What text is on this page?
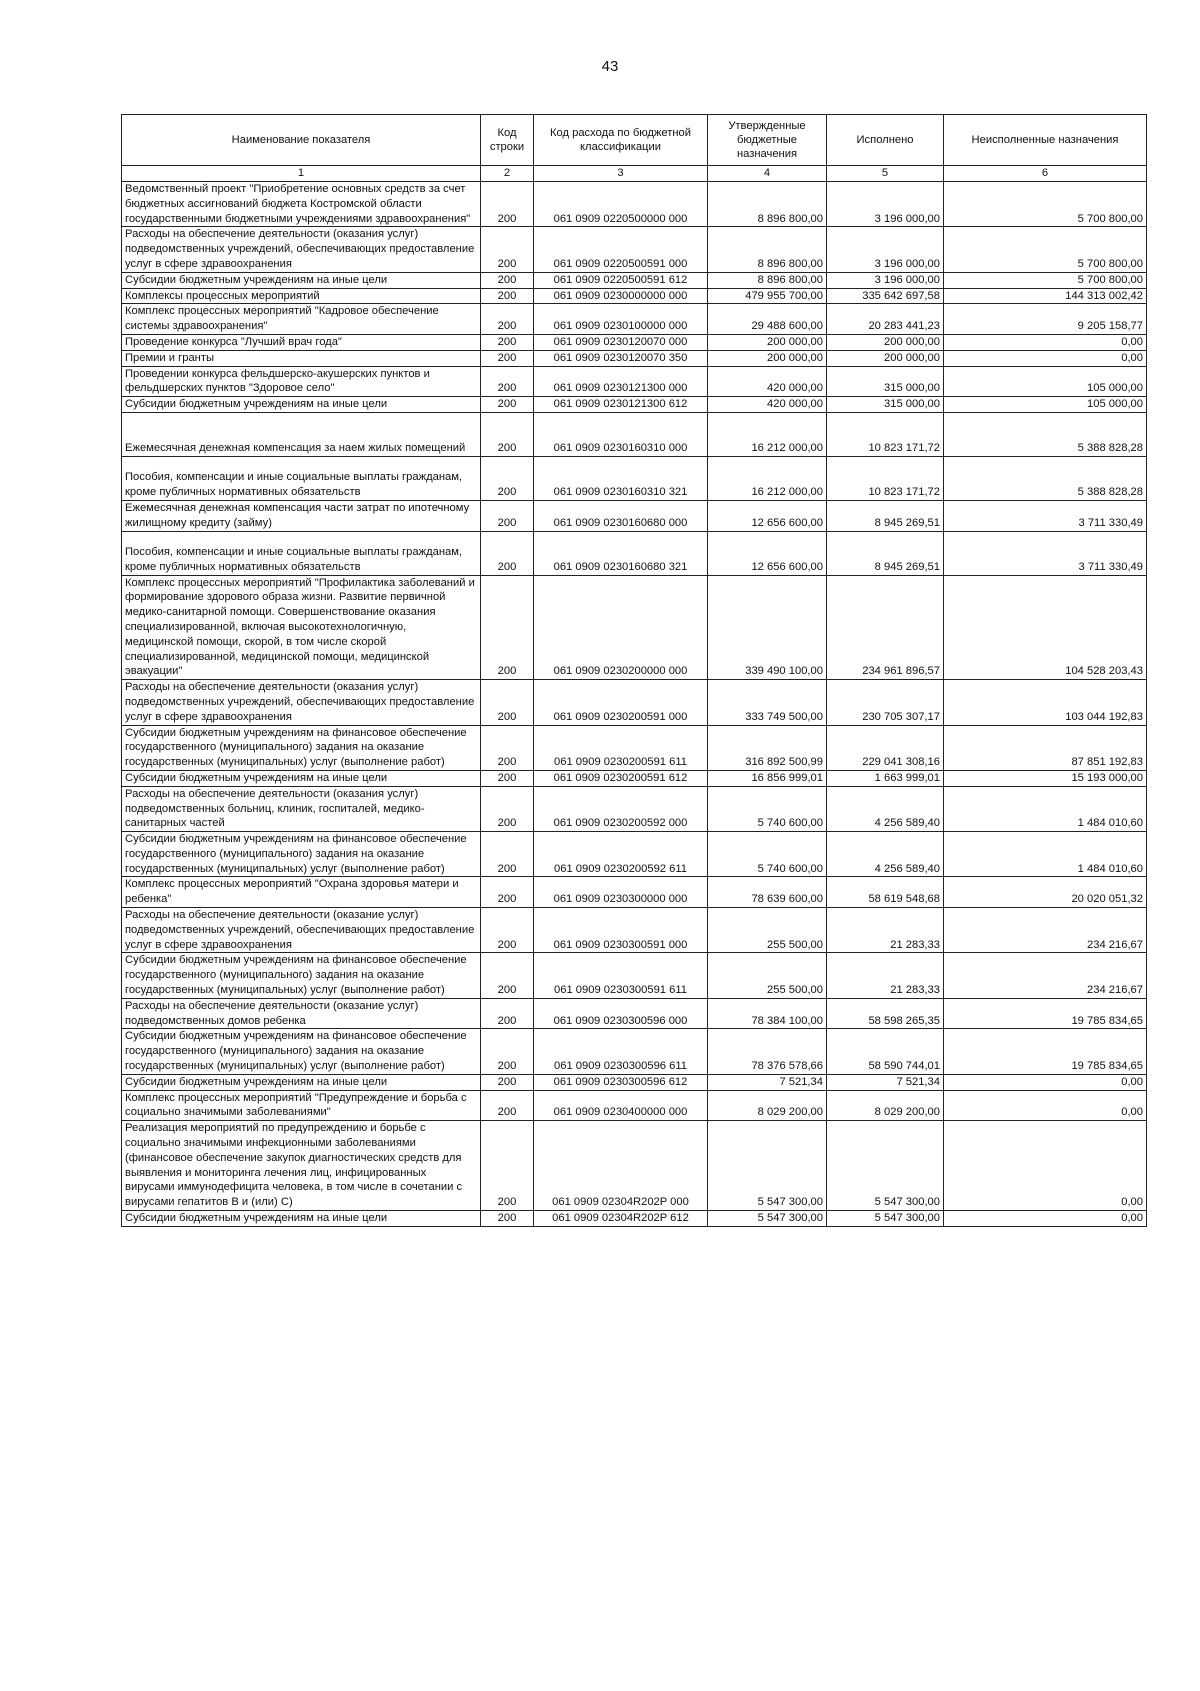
43
Наименование показателя	Код строки	Код расхода по бюджетной классификации	Утвержденные бюджетные назначения	Исполнено	Неисполненные назначения
1	2	3	4	5	6
Ведомственный проект "Приобретение основных средств за счет бюджетных ассигнований бюджета Костромской области государственными бюджетными учреждениями здравоохранения"	200	061 0909 0220500000 000	8 896 800,00	3 196 000,00	5 700 800,00
Расходы на обеспечение деятельности (оказания услуг) подведомственных учреждений, обеспечивающих предоставление услуг в сфере здравоохранения	200	061 0909 0220500591 000	8 896 800,00	3 196 000,00	5 700 800,00
Субсидии бюджетным учреждениям на иные цели	200	061 0909 0220500591 612	8 896 800,00	3 196 000,00	5 700 800,00
Комплексы процессных мероприятий	200	061 0909 0230000000 000	479 955 700,00	335 642 697,58	144 313 002,42
Комплекс процессных мероприятий "Кадровое обеспечение системы здравоохранения"	200	061 0909 0230100000 000	29 488 600,00	20 283 441,23	9 205 158,77
Проведение конкурса "Лучший врач года"	200	061 0909 0230120070 000	200 000,00	200 000,00	0,00
Премии и гранты	200	061 0909 0230120070 350	200 000,00	200 000,00	0,00
Проведении конкурса фельдшерско-акушерских пунктов и фельдшерских пунктов "Здоровое село"	200	061 0909 0230121300 000	420 000,00	315 000,00	105 000,00
Субсидии бюджетным учреждениям на иные цели	200	061 0909 0230121300 612	420 000,00	315 000,00	105 000,00
Ежемесячная денежная компенсация за наем жилых помещений	200	061 0909 0230160310 000	16 212 000,00	10 823 171,72	5 388 828,28
Пособия, компенсации и иные социальные выплаты гражданам, кроме публичных нормативных обязательств	200	061 0909 0230160310 321	16 212 000,00	10 823 171,72	5 388 828,28
Ежемесячная денежная компенсация части затрат по ипотечному жилищному кредиту (займу)	200	061 0909 0230160680 000	12 656 600,00	8 945 269,51	3 711 330,49
Пособия, компенсации и иные социальные выплаты гражданам, кроме публичных нормативных обязательств	200	061 0909 0230160680 321	12 656 600,00	8 945 269,51	3 711 330,49
Комплекс процессных мероприятий "Профилактика заболеваний и формирование здорового образа жизни. Развитие первичной медико-санитарной помощи. Совершенствование оказания специализированной, включая высокотехнологичную, медицинской помощи, скорой, в том числе скорой специализированной, медицинской помощи, медицинской эвакуации"	200	061 0909 0230200000 000	339 490 100,00	234 961 896,57	104 528 203,43
Расходы на обеспечение деятельности (оказания услуг) подведомственных учреждений, обеспечивающих предоставление услуг в сфере здравоохранения	200	061 0909 0230200591 000	333 749 500,00	230 705 307,17	103 044 192,83
Субсидии бюджетным учреждениям на финансовое обеспечение государственного (муниципального) задания на оказание государственных (муниципальных) услуг (выполнение работ)	200	061 0909 0230200591 611	316 892 500,99	229 041 308,16	87 851 192,83
Субсидии бюджетным учреждениям на иные цели	200	061 0909 0230200591 612	16 856 999,01	1 663 999,01	15 193 000,00
Расходы на обеспечение деятельности (оказания услуг) подведомственных больниц, клиник, госпиталей, медико-санитарных частей	200	061 0909 0230200592 000	5 740 600,00	4 256 589,40	1 484 010,60
Субсидии бюджетным учреждениям на финансовое обеспечение государственного (муниципального) задания на оказание государственных (муниципальных) услуг (выполнение работ)	200	061 0909 0230200592 611	5 740 600,00	4 256 589,40	1 484 010,60
Комплекс процессных мероприятий "Охрана здоровья матери и ребенка"	200	061 0909 0230300000 000	78 639 600,00	58 619 548,68	20 020 051,32
Расходы на обеспечение деятельности (оказание услуг) подведомственных учреждений, обеспечивающих предоставление услуг в сфере здравоохранения	200	061 0909 0230300591 000	255 500,00	21 283,33	234 216,67
Субсидии бюджетным учреждениям на финансовое обеспечение государственного (муниципального) задания на оказание государственных (муниципальных) услуг (выполнение работ)	200	061 0909 0230300591 611	255 500,00	21 283,33	234 216,67
Расходы на обеспечение деятельности (оказание услуг) подведомственных домов ребенка	200	061 0909 0230300596 000	78 384 100,00	58 598 265,35	19 785 834,65
Субсидии бюджетным учреждениям на финансовое обеспечение государственного (муниципального) задания на оказание государственных (муниципальных) услуг (выполнение работ)	200	061 0909 0230300596 611	78 376 578,66	58 590 744,01	19 785 834,65
Субсидии бюджетным учреждениям на иные цели	200	061 0909 0230300596 612	7 521,34	7 521,34	0,00
Комплекс процессных мероприятий "Предупреждение и борьба с социально значимыми заболеваниями"	200	061 0909 0230400000 000	8 029 200,00	8 029 200,00	0,00
Реализация мероприятий по предупреждению и борьбе с социально значимыми инфекционными заболеваниями (финансовое обеспечение закупок диагностических средств для выявления и мониторинга лечения лиц, инфицированных вирусами иммунодефицита человека, в том числе в сочетании с вирусами гепатитов B и (или) C)	200	061 0909 02304R202P 000	5 547 300,00	5 547 300,00	0,00
Субсидии бюджетным учреждениям на иные цели	200	061 0909 02304R202P 612	5 547 300,00	5 547 300,00	0,00
